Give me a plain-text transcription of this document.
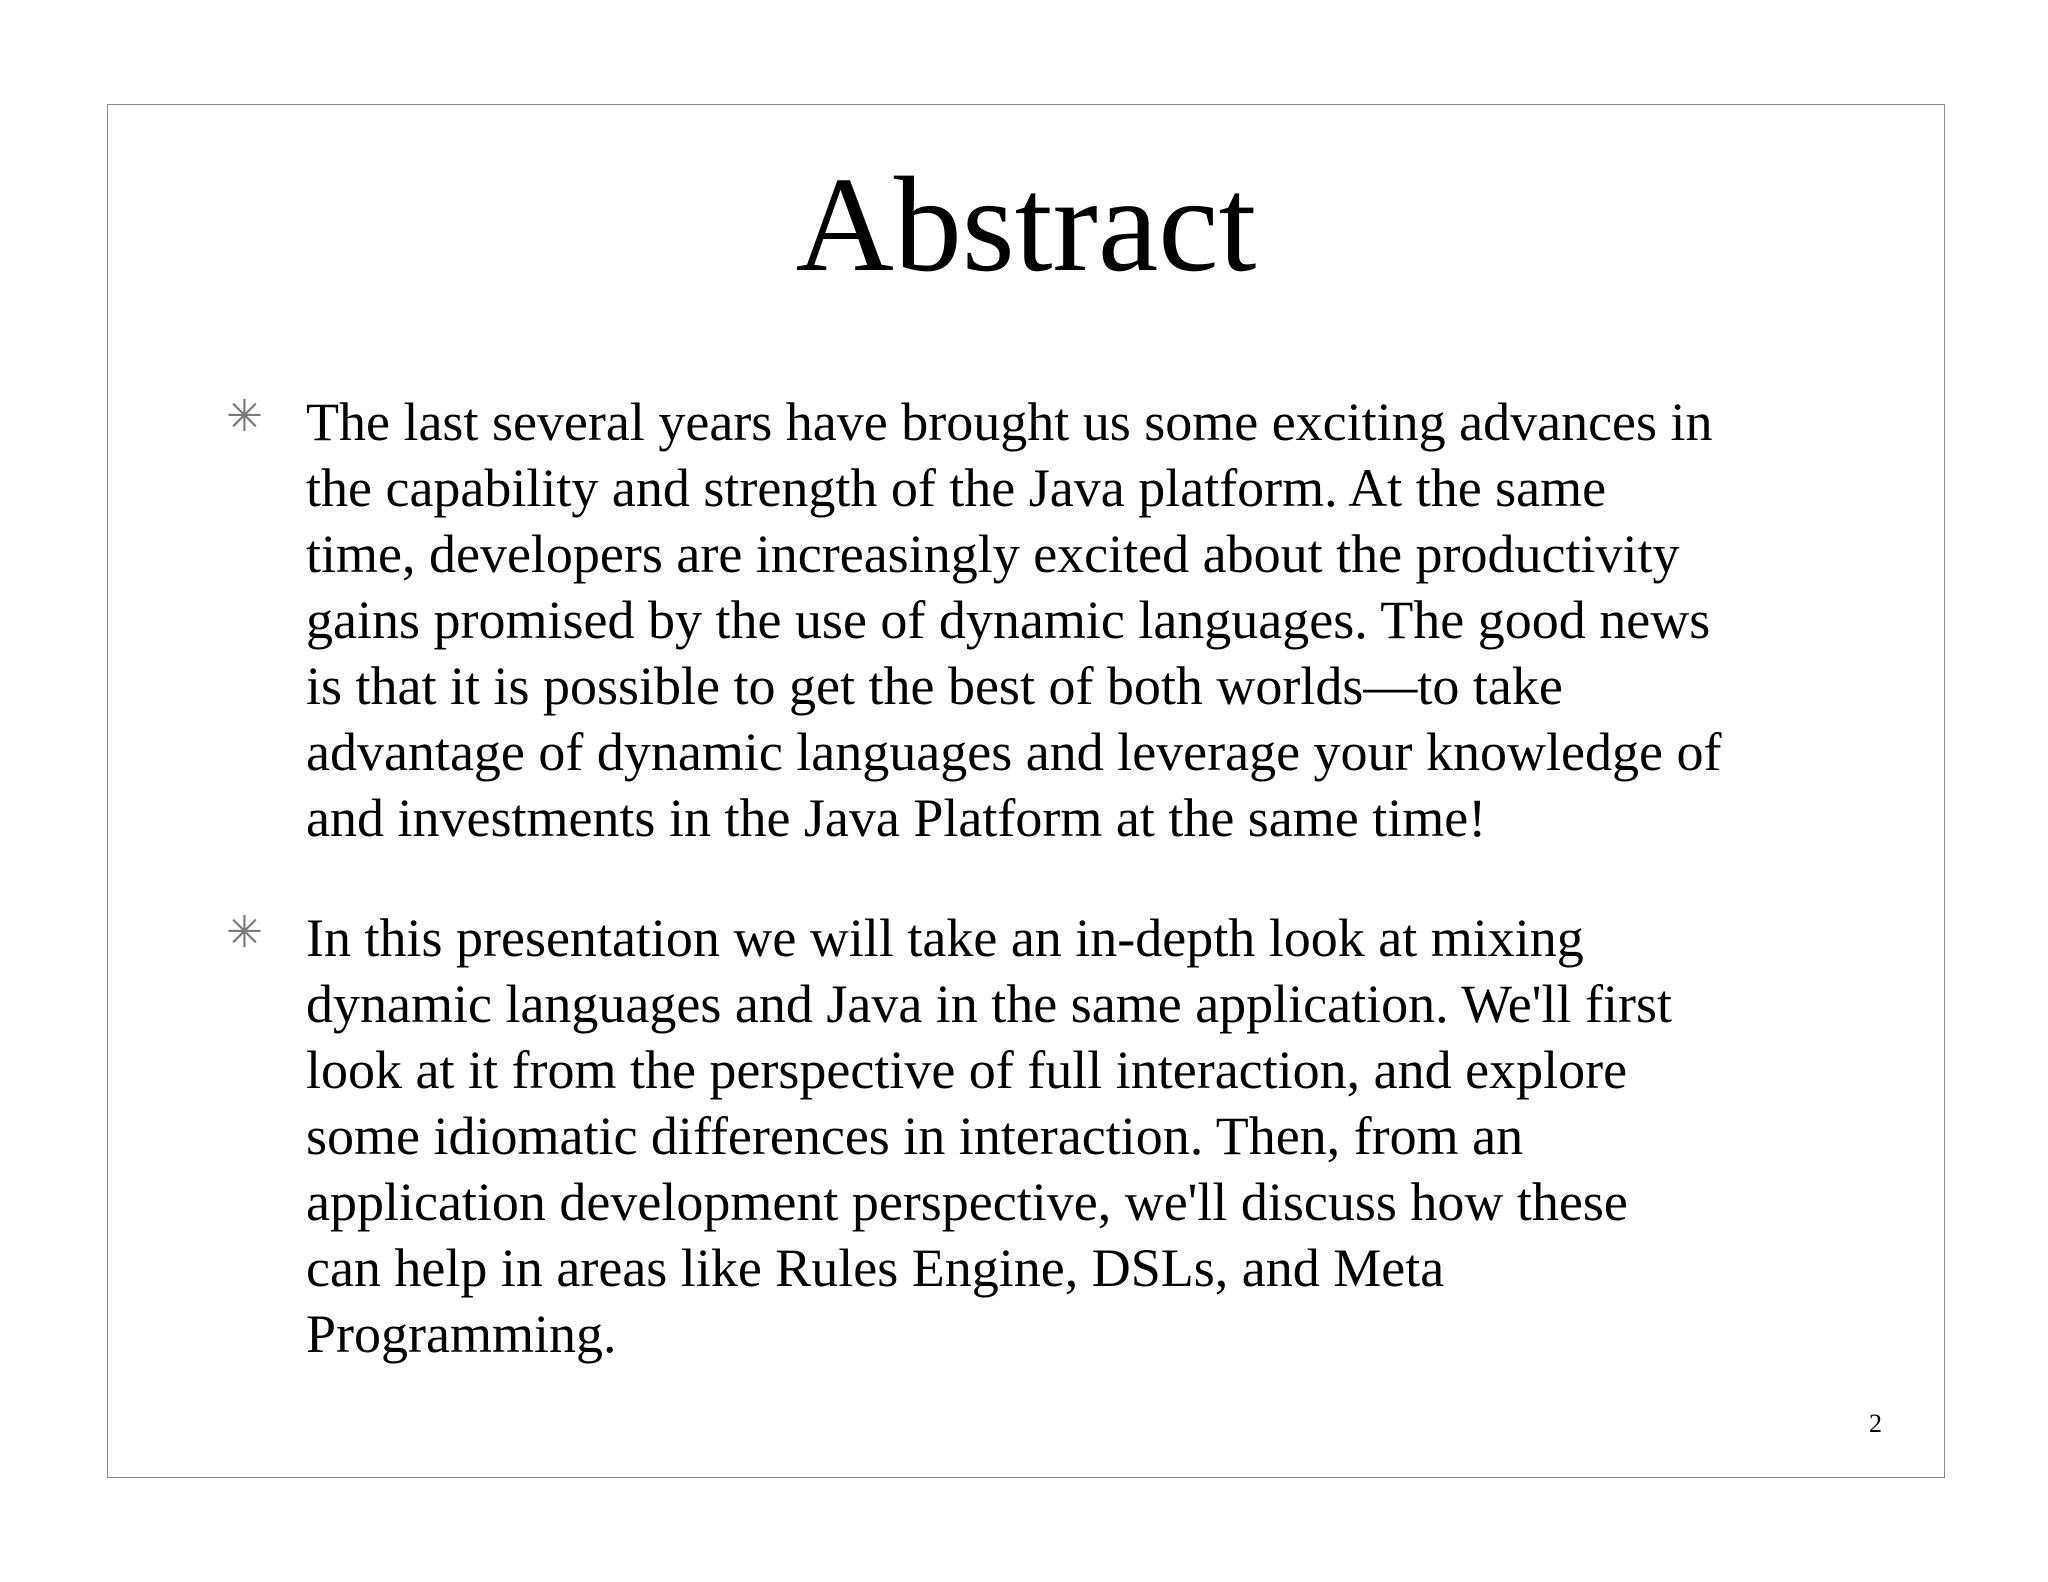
Abstract
✳ The last several years have brought us some exciting advances in
the capability and strength of the Java platform. At the same
time, developers are increasingly excited about the productivity
gains promised by the use of dynamic languages. The good news
is that it is possible to get the best of both worlds—to take
advantage of dynamic languages and leverage your knowledge of
and investments in the Java Platform at the same time!
✳ In this presentation we will take an in-depth look at mixing
dynamic languages and Java in the same application. We'll first
look at it from the perspective of full interaction, and explore
some idiomatic differences in interaction. Then, from an
application development perspective, we'll discuss how these
can help in areas like Rules Engine, DSLs, and Meta
Programming.
2
